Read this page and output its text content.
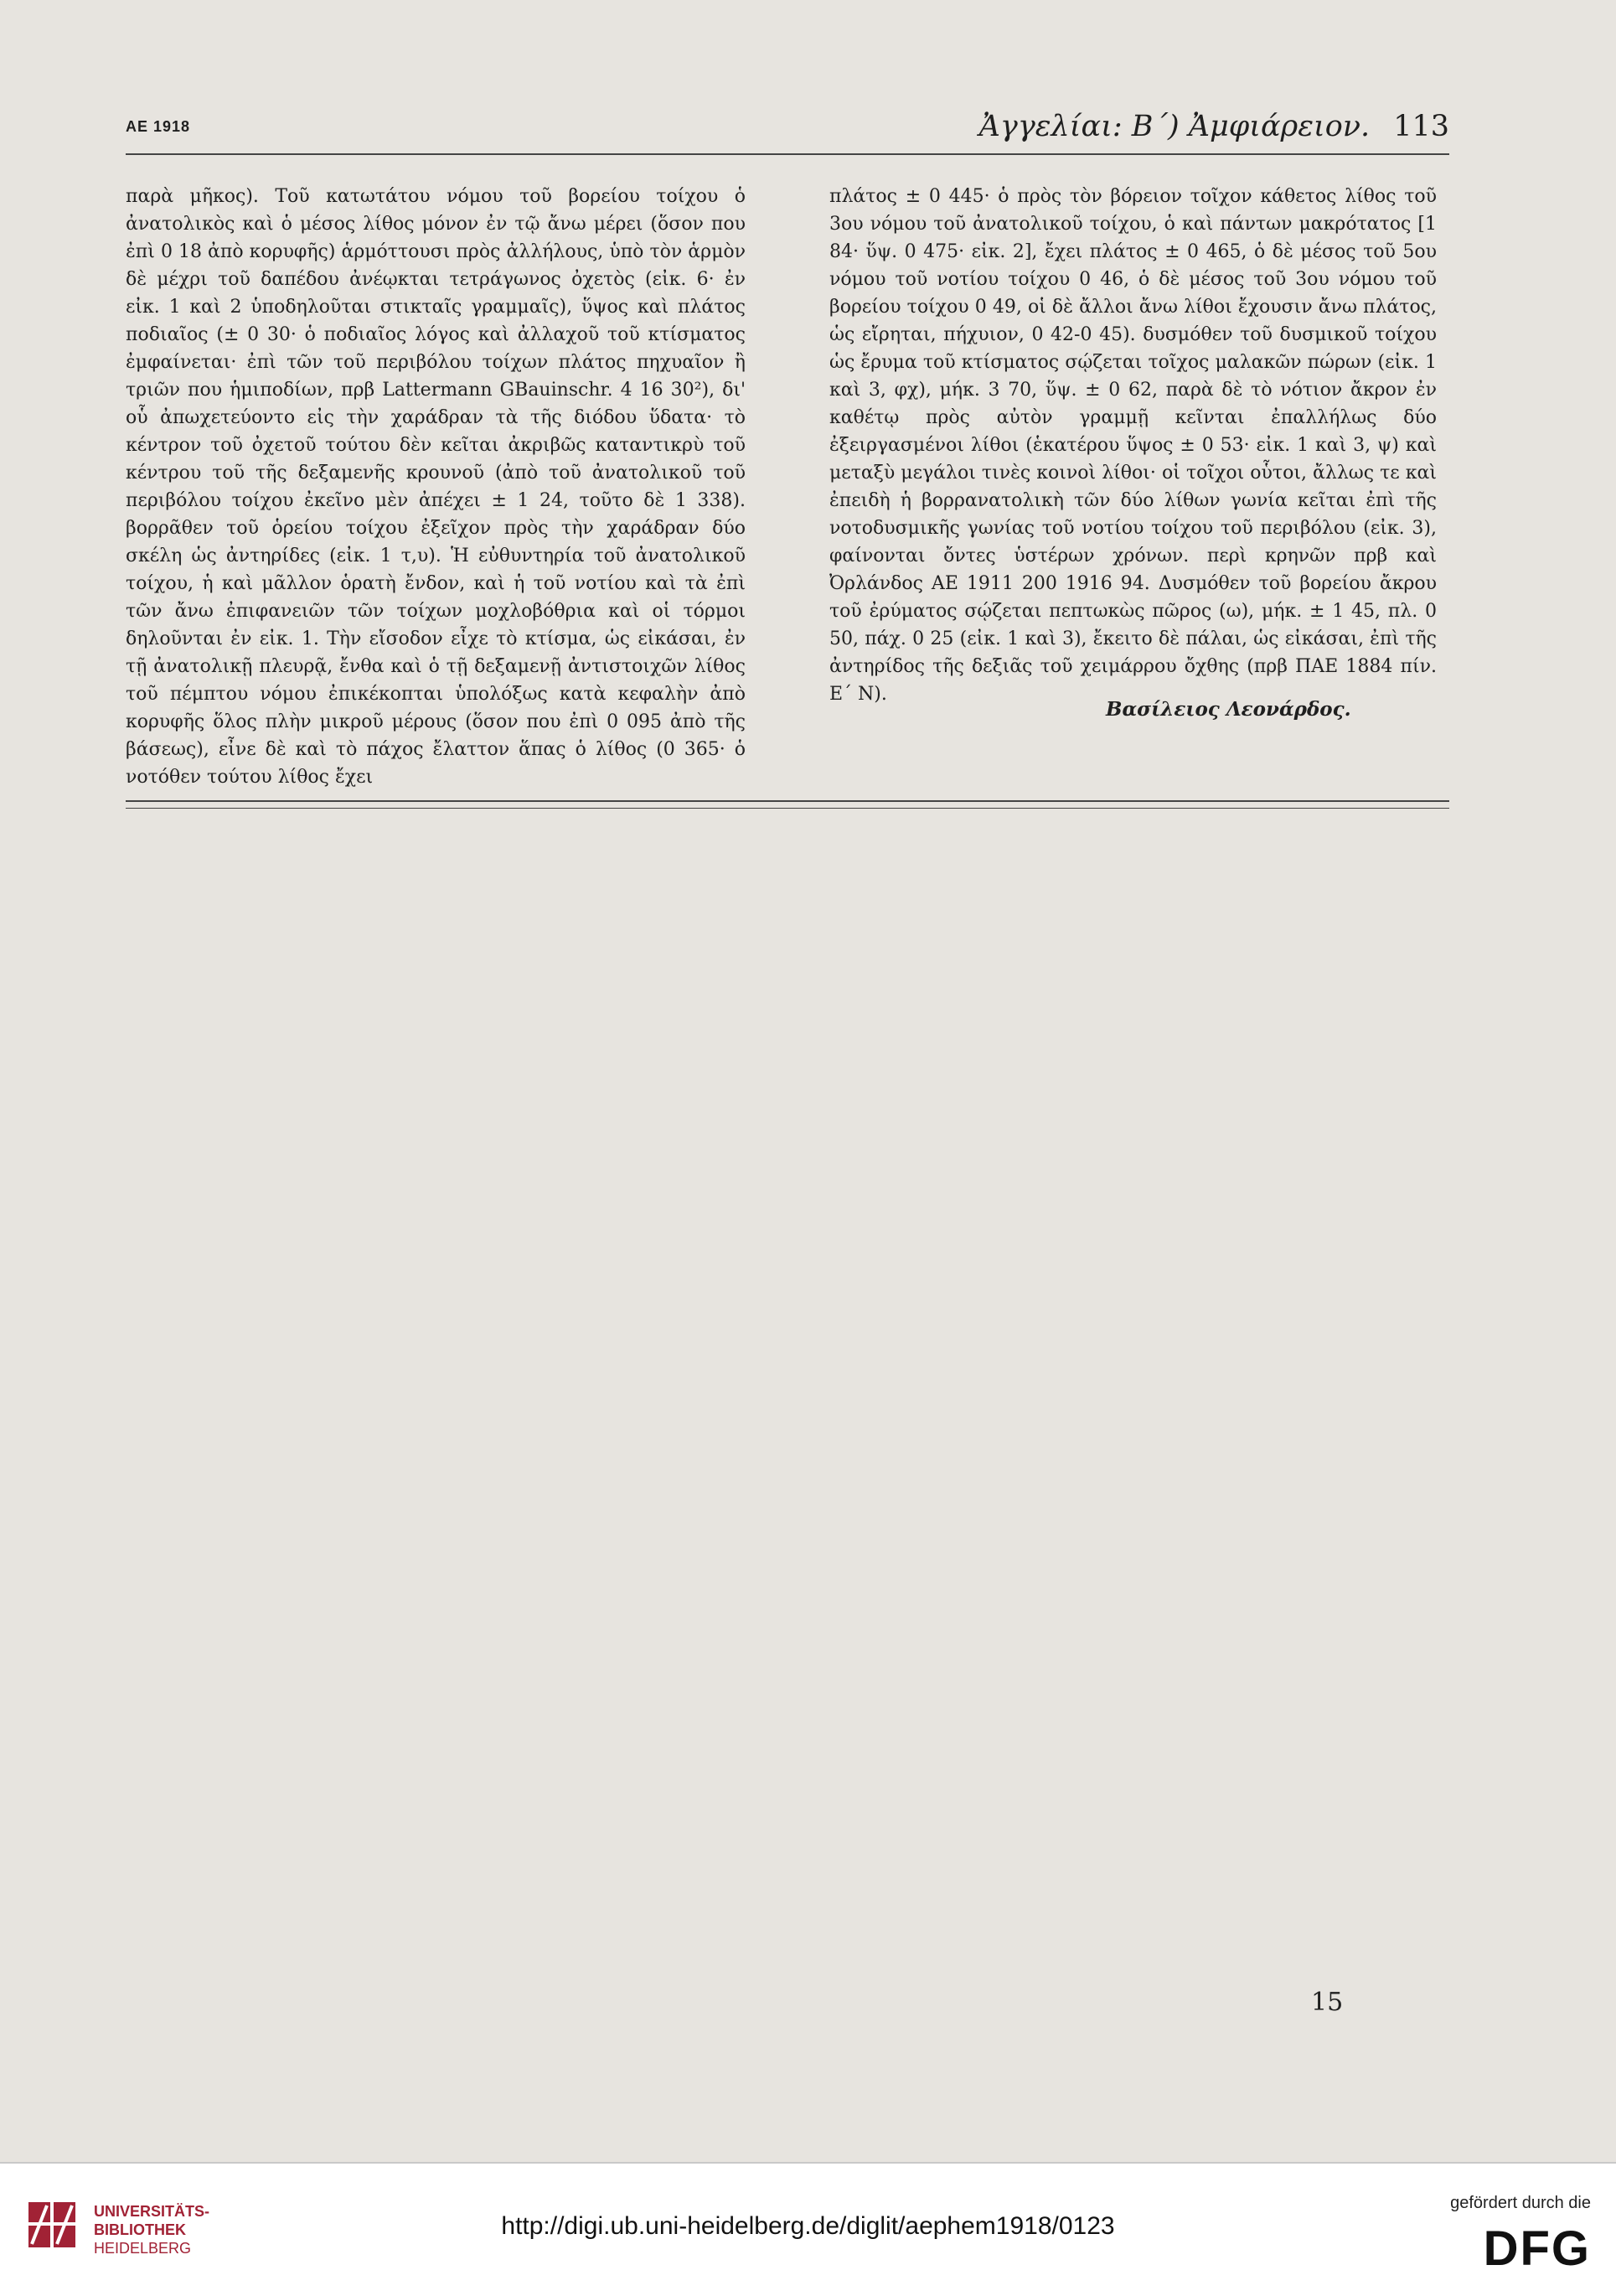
ΑΕ 1918	Ἀγγελίαι: Β΄) Ἀμφιάρειον. 113
παρὰ μῆκος). Τοῦ κατωτάτου νόμου τοῦ βορείου τοίχου ὁ ἀνατολικὸς καὶ ὁ μέσος λίθος μόνον ἐν τῷ ἄνω μέρει (ὅσον που ἐπὶ 0 18 ἀπὸ κορυφῆς) ἁρμόττουσι πρὸς ἀλλήλους, ὑπὸ τὸν ἁρμὸν δὲ μέχρι τοῦ δαπέδου ἀνέῳκται τετράγωνος ὀχετὸς (εἰκ. 6· ἐν εἰκ. 1 καὶ 2 ὑποδηλοῦται στικταῖς γραμμαῖς), ὕψος καὶ πλάτος ποδιαῖος (± 0 30· ὁ ποδιαῖος λόγος καὶ ἀλλαχοῦ τοῦ κτίσματος ἐμφαίνεται· ἐπὶ τῶν τοῦ περιβόλου τοίχων πλάτος πηχυαῖον ἢ τριῶν που ἡμιποδίων, πρβ Lattermann GBauinschr. 4 16 30²), δι' οὗ ἀπωχετεύοντο εἰς τὴν χαράδραν τὰ τῆς διόδου ὕδατα· τὸ κέντρον τοῦ ὀχετοῦ τούτου δὲν κεῖται ἀκριβῶς καταντικρὺ τοῦ κέντρου τοῦ τῆς δεξαμενῆς κρουνοῦ (ἀπὸ τοῦ ἀνατολικοῦ τοῦ περιβόλου τοίχου ἐκεῖνο μὲν ἀπέχει ± 1 24, τοῦτο δὲ 1 338). βορρᾶθεν τοῦ ὁρείου τοίχου ἐξεῖχον πρὸς τὴν χαράδραν δύο σκέλη ὡς ἀντηρίδες (εἰκ. 1 τ,υ). Ἡ εὐθυντηρία τοῦ ἀνατολικοῦ τοίχου, ἡ καὶ μᾶλλον ὁρατὴ ἔνδον, καὶ ἡ τοῦ νοτίου καὶ τὰ ἐπὶ τῶν ἄνω ἐπιφανειῶν τῶν τοίχων μοχλοβόθρια καὶ οἱ τόρμοι δηλοῦνται ἐν εἰκ. 1. Τὴν εἴσοδον εἶχε τὸ κτίσμα, ὡς εἰκάσαι, ἐν τῇ ἀνατολικῇ πλευρᾷ, ἔνθα καὶ ὁ τῇ δεξαμενῇ ἀντιστοιχῶν λίθος τοῦ πέμπτου νόμου ἐπικέκοπται ὑπολόξως κατὰ κεφαλὴν ἀπὸ κορυφῆς ὅλος πλὴν μικροῦ μέρους (ὅσον που ἐπὶ 0 095 ἀπὸ τῆς βάσεως), εἶνε δὲ καὶ τὸ πάχος ἔλαττον ἅπας ὁ λίθος (0 365· ὁ νοτόθεν τούτου λίθος ἔχει
πλάτος ± 0 445· ὁ πρὸς τὸν βόρειον τοῖχον κάθετος λίθος τοῦ 3ου νόμου τοῦ ἀνατολικοῦ τοίχου, ὁ καὶ πάντων μακρότατος [1 84· ὕψ. 0 475· εἰκ. 2], ἔχει πλάτος ± 0 465, ὁ δὲ μέσος τοῦ 5ου νόμου τοῦ νοτίου τοίχου 0 46, ὁ δὲ μέσος τοῦ 3ου νόμου τοῦ βορείου τοίχου 0 49, οἱ δὲ ἄλλοι ἄνω λίθοι ἔχουσιν ἄνω πλάτος, ὡς εἴρηται, πήχυιον, 0 42-0 45). δυσμόθεν τοῦ δυσμικοῦ τοίχου ὡς ἔρυμα τοῦ κτίσματος σῴζεται τοῖχος μαλακῶν πώρων (εἰκ. 1 καὶ 3, φχ), μήκ. 3 70, ὕψ. ± 0 62, παρὰ δὲ τὸ νότιον ἄκρον ἐν καθέτῳ πρὸς αὐτὸν γραμμῇ κεῖνται ἐπαλλήλως δύο ἐξειργασμένοι λίθοι (ἑκατέρου ὕψος ± 0 53· εἰκ. 1 καὶ 3, ψ) καὶ μεταξὺ μεγάλοι τινὲς κοινοὶ λίθοι· οἱ τοῖχοι οὗτοι, ἄλλως τε καὶ ἐπειδὴ ἡ βορρανατολικὴ τῶν δύο λίθων γωνία κεῖται ἐπὶ τῆς νοτοδυσμικῆς γωνίας τοῦ νοτίου τοίχου τοῦ περιβόλου (εἰκ. 3), φαίνονται ὄντες ὑστέρων χρόνων. περὶ κρηνῶν πρβ καὶ Ὀρλάνδος ΑΕ 1911 200 1916 94. Δυσμόθεν τοῦ βορείου ἄκρου τοῦ ἐρύματος σῴζεται πεπτωκὼς πῶρος (ω), μήκ. ± 1 45, πλ. 0 50, πάχ. 0 25 (εἰκ. 1 καὶ 3), ἔκειτο δὲ πάλαι, ὡς εἰκάσαι, ἐπὶ τῆς ἀντηρίδος τῆς δεξιᾶς τοῦ χειμάρρου ὄχθης (πρβ ΠΑΕ 1884 πίν. Ε΄ Ν).
Βασίλειος Λεονάρδος.
15
UNIVERSITÄTS-
BIBLIOTHEK
HEIDELBERG
http://digi.ub.uni-heidelberg.de/diglit/aephem1918/0123
gefördert durch die
DFG
